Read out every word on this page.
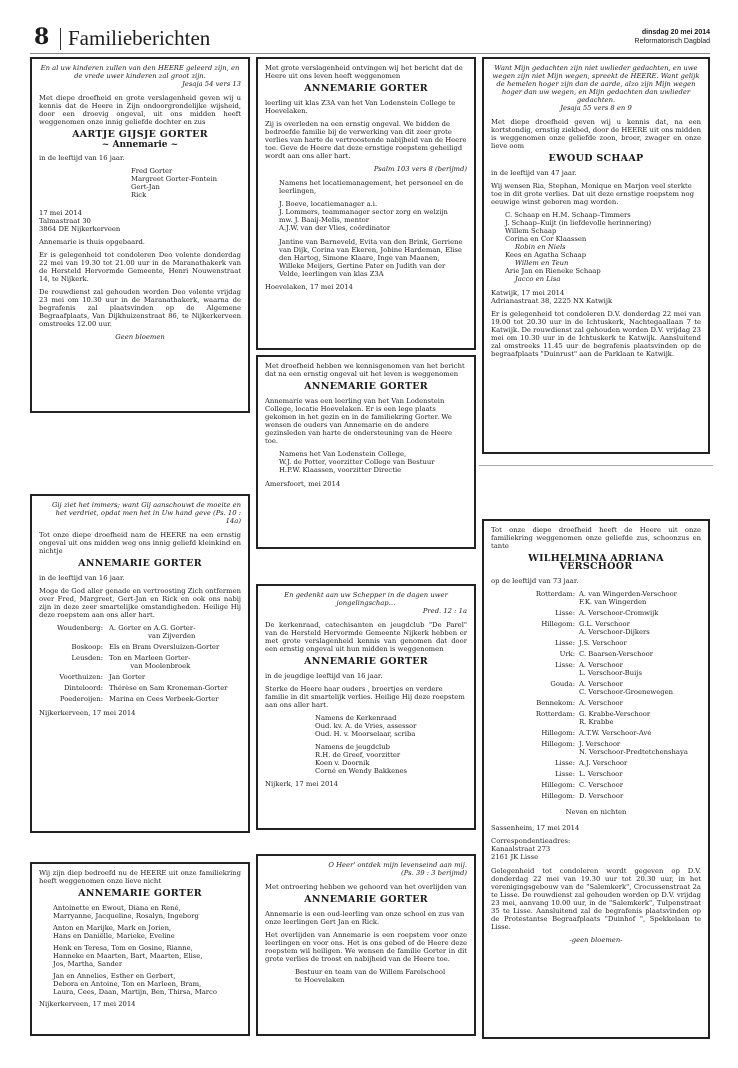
8 Familieberichten	dinsdag 20 mei 2014
Reformatorisch Dagblad
En al uw kinderen zullen van den HEERE geleerd zijn, en de vrede uwer kinderen zal groot zijn.
Jesaja 54 vers 13

Met diepe droefheid en grote verslagenheid geven wij u kennis dat de Heere in Zijn ondoorgrondelijke wijsheid, door een droevig ongeval, uit ons midden heeft weggenomen onze innig geliefde dochter en zus

AARTJE GIJSJE GORTER
~ Annemarie ~

in de leeftijd van 16 jaar.

Fred Gorter
Margreet Gorter-Fontein
Gert-Jan
Rick
17 mei 2014
Talmastraat 30
3864 DE Nijkerkerveen

Annemarie is thuis opgebaard.

Er is gelegenheid tot condoleren Deo volente donderdag 22 mei van 19.30 tot 21.00 uur in de Maranathakerk van de Hersteld Hervormde Gemeente, Henri Nouwenstraat 14, te Nijkerk.

De rouwdienst zal gehouden worden Deo volente vrijdag 23 mei om 10.30 uur in de Maranathakerk, waarna de begrafenis zal plaatsvinden op de Algemene Begraafplaats, Van Dijkhuizenstraat 86, te Nijkerkerveen omstreeks 12.00 uur.

Geen bloemen

Met grote verslagenheid ontvingen wij het bericht dat de Heere uit ons leven heeft weggenomen

ANNEMARIE GORTER

leerling uit klas Z3A van het Van Lodenstein College te Hoevelaken.

Zij is overleden na een ernstig ongeval. We bidden de bedroefde familie bij de verwerking van dit zeer grote verlies van harte de vertroostende nabijheid van de Heere toe. Geve de Heere dat deze ernstige roepstem geheiligd wordt aan ons aller hart.

Psalm 103 vers 8 (berijmd)

Namens het locatiemanagement, het personeel en de leerlingen,

J. Boeve, locatiemanager a.i.
J. Lommers, teammanager sector zorg en welzijn
mw. J. Baaij-Melis, mentor
A.J.W. van der Vlies, coördinator

Jantine van Barneveld, Evita van den Brink, Gerriene van Dijk, Corina van Ekeren, Jobine Hardeman, Elise den Hartog, Simone Klaare, Inge van Maanen, Willeke Meijers, Gertine Pater en Judith van der Velde, leerlingen van klas Z3A

Hoevelaken, 17 mei 2014
Want Mijn gedachten zijn niet uwlieder gedachten, en uwe wegen zijn niet Mijn wegen, spreekt de HEERE. Want gelijk de hemelen hoger zijn dan de aarde, alzo zijn Mijn wegen hoger dan uw wegen, en Mijn gedachten dan uwlieder gedachten.
Jesaja 55 vers 8 en 9

Met diepe droefheid geven wij u kennis dat, na een kortstondig, ernstig ziekbed, door de HEERE uit ons midden is weggenomen onze geliefde zoon, broer, zwager en onze lieve oom

EWOUD SCHAAP

in de leeftijd van 47 jaar.

Wij wensen Ria, Stephan, Monique en Marjon veel sterkte toe in dit grote verlies. Dat uit deze ernstige roepstem nog eeuwige winst geboren mag worden.

C. Schaap en H.M. Schaap–Timmers
J. Schaap–Kuijt (in liefdevolle herinnering)
Willem Schaap
Corina en Cor Klaassen
Robin en Niels
Kees en Agatha Schaap
Willem en Teun
Arie Jan en Rieneke Schaap
Jacco en Lisa
Katwijk, 17 mei 2014
Adrianastraat 38, 2225 NX Katwijk

Er is gelegenheid tot condoleren D.V. donderdag 22 mei van 19.00 tot 20.30 uur in de Ichtuskerk, Nachtegaallaan 7 te Katwijk. De rouwdienst zal gehouden worden D.V. vrijdag 23 mei om 10.30 uur in de Ichtuskerk te Katwijk. Aansluitend zal omstreeks 11.45 uur de begrafenis plaatsvinden op de begraafplaats "Duinrust" aan de Parklaan te Katwijk.

Met droefheid hebben we kennisgenomen van het bericht dat na een ernstig ongeval uit het leven is weggenomen

ANNEMARIE GORTER

Annemarie was een leerling van het Van Lodenstein College, locatie Hoevelaken. Er is een lege plaats gekomen in het gezin en in de familiekring Gorter. We wensen de ouders van Annemarie en de andere gezinsleden van harte de ondersteuning van de Heere toe.

Namens het Van Lodenstein College,
W.J. de Potter, voorzitter College van Bestuur
H.P.W. Klaassen, voorzitter Directie
Amersfoort, mei 2014
Gij ziet het immers; want Gij aanschouwt de moeite en het verdriet, opdat men het in Uw hand geve (Ps. 10 : 14a)

Tot onze diepe droefheid nam de HEERE na een ernstig ongeval uit ons midden weg ons innig geliefd kleinkind en nichtje

ANNEMARIE GORTER

in de leeftijd van 16 jaar.

Moge de God aller genade en vertroosting Zich ontfermen over Fred, Margreet, Gert-Jan en Rick en ook ons nabij zijn in deze zeer smartelijke omstandigheden. Heilige Hij deze roepstem aan ons aller hart.

Woudenberg: A. Gorter en A.G. Gorter-
van Zijverden
Boskoop: Els en Bram Oversluizen-Gorter
Leusden: Ton en Marleen Gorter-
van Moolenbroek
Voorthuizen: Jan Gorter
Dinteloord: Thérèse en Sam Kroneman-Gorter
Poederoijen: Marina en Cees Verbeek-Gorter
Nijkerkerveen, 17 mei 2014
En gedenkt aan uw Schepper in de dagen uwer jongelingschap…
Pred. 12 : 1a

De kerkenraad, catechisanten en jeugdclub "De Parel" van de Hersteld Hervormde Gemeente Nijkerk hebben er met grote verslagenheid kennis van genomen dat door een ernstig ongeval uit hun midden is weggenomen

ANNEMARIE GORTER

in de jeugdige leeftijd van 16 jaar.

Sterke de Heere haar ouders , broertjes en verdere familie in dit smartelijk verlies. Heilige Hij deze roepstem aan ons aller hart.

Namens de Kerkenraad
Oud. kv. A. de Vries, assessor
Oud. H. v. Moorselaar, scriba
Namens de jeugdclub
R.H. de Greef, voorzitter
Koen v. Doornik
Corné en Wendy Bakkenes
Nijkerk, 17 mei 2014

Tot onze diepe droefheid heeft de Heere uit onze familiekring weggenomen onze geliefde zus, schoonzus en tante

WILHELMINA ADRIANA
VERSCHOOR

op de leeftijd van 73 jaar.

Rotterdam: A. van Wingerden-Verschoor
F.K. van Wingerden
Lisse: A. Verschoor-Cromwijk
Hillegom: G.L. Verschoor
A. Verschoor-Dijkers
Lisse: J.S. Verschoor
Urk: C. Baarsen-Verschoor
Lisse: A. Verschoor
L. Verschoor-Buijs
Gouda: A. Verschoor
C. Verschoor-Groenewegen
Bennekom: A. Verschoor
Rotterdam: G. Krabbe-Verschoor
R. Krabbe
Hillegom: A.T.W. Verschoor-Avé
Hillegom: J. Verschoor
N. Verschoor-Predtetchenshaya
Lisse: A.J. Verschoor
Lisse: L. Verschoor
Hillegom: C. Verschoor
Hillegom: D. Verschoor
Neven en nichten

Sassenheim, 17 mei 2014

Correspondentieadres:
Kanaalstraat 273
2161 JK Lisse

Gelegenheid tot condoleren wordt gegeven op D.V. donderdag 22 mei van 19.30 uur tot 20.30 uur, in het verenigingsgebouw van de "Salemkerk", Crocussenstraat 2a te Lisse. De rouwdienst zal gehouden worden op D.V. vrijdag 23 mei, aanvang 10.00 uur, in de "Salemkerk", Tulpenstraat 35 te Lisse. Aansluitend zal de begrafenis plaatsvinden op de Protestantse Begraafplaats "Duinhof ", Spekkelaan te Lisse.

-geen bloemen-

Wij zijn diep bedroefd nu de HEERE uit onze familiekring heeft weggenomen onze lieve nicht

ANNEMARIE GORTER
Antoinette en Ewout, Diana en René,
Marryanne, Jacqueline, Rosalyn, Ingeborg
Anton en Marijke, Mark en Jorien,
Hans en Daniëlle, Marieke, Eveline
Henk en Teresa, Tom en Gosine, Rianne,
Hanneke en Maarten, Bart, Maarten, Elise,
Jos, Martha, Sander
Jan en Annelies, Esther en Gerbert,
Debora en Antoine, Ton en Marleen, Bram,
Laura, Cees, Daan, Martijn, Ben, Thirsa, Marco
Nijkerkerveen, 17 mei 2014
O Heer' ontdek mijn levenseind aan mij.
(Ps. 39 : 3 berijmd)

Met ontroering hebben we gehoord van het overlijden van

ANNEMARIE GORTER

Annemarie is een oud-leerling van onze school en zus van onze leerlingen Gert Jan en Rick.

Het overlijden van Annemarie is een roepstem voor onze leerlingen en voor ons. Het is ons gebed of de Heere deze roepstem wil heiligen. We wensen de familie Gorter in dit grote verlies de troost en nabijheid van de Heere toe.

Bestuur en team van de Willem Farelschool
te Hoevelaken
